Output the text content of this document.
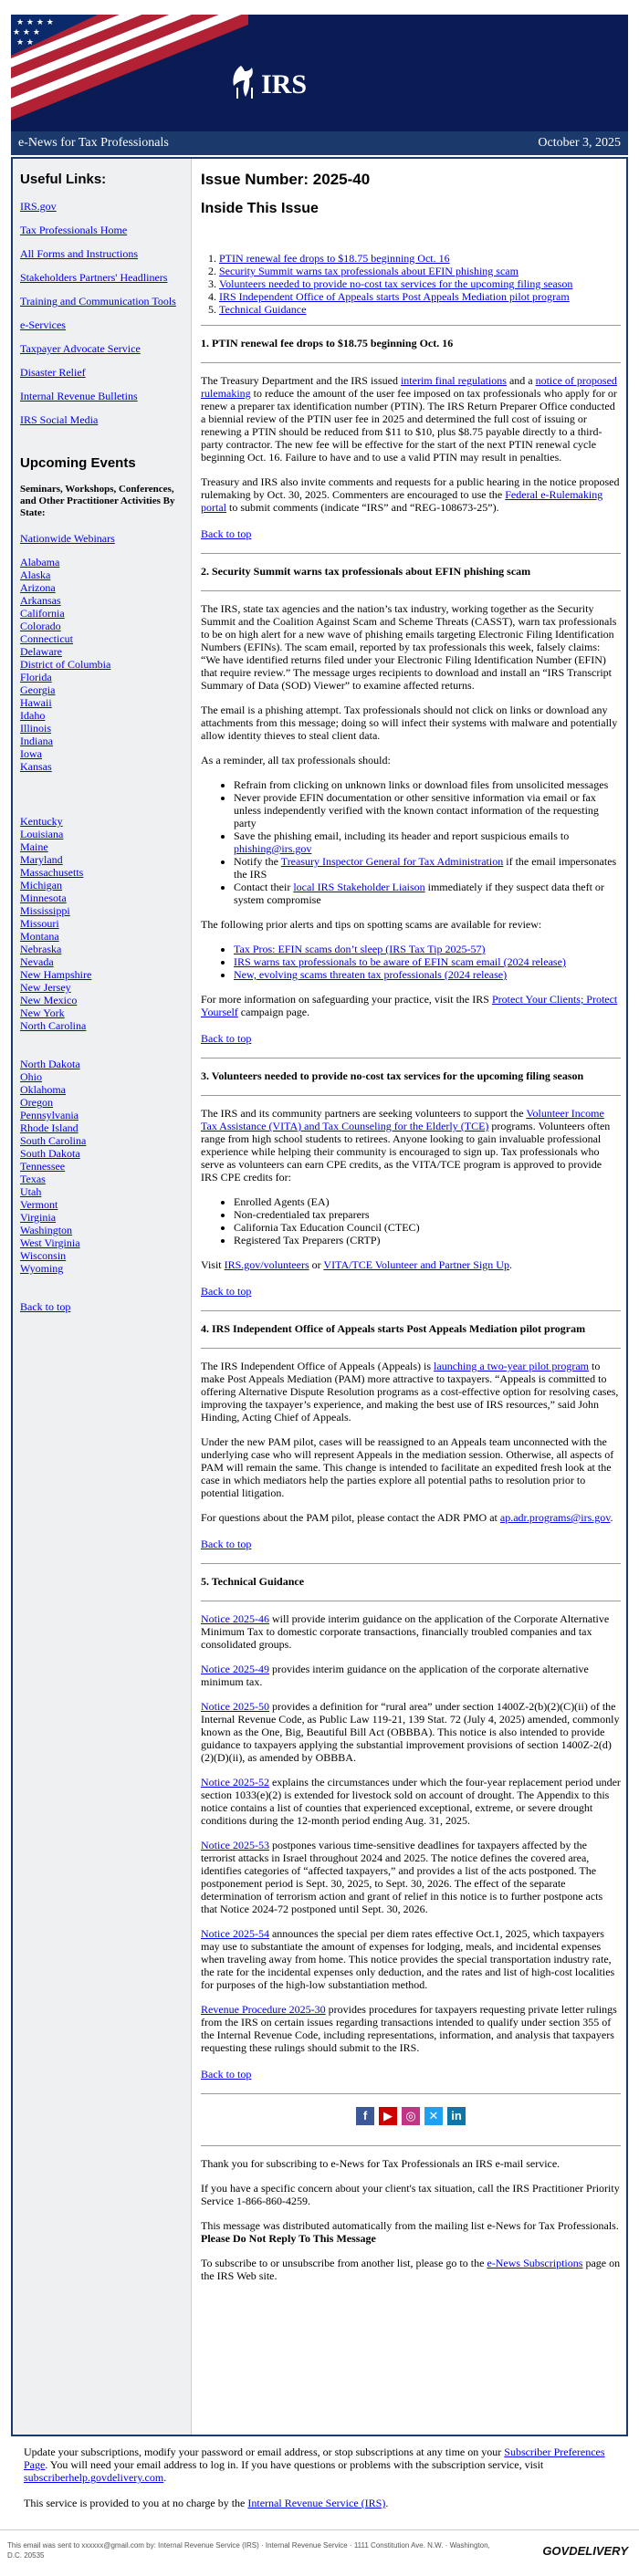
★ ★ ★ ★
★ ★ ★
★ ★
IRS
e-News for Tax Professionals	October 3, 2025
Useful Links:
IRS.gov
Tax Professionals Home
All Forms and Instructions
Stakeholders Partners' Headliners
Training and Communication Tools
e-Services
Taxpayer Advocate Service
Disaster Relief
Internal Revenue Bulletins
IRS Social Media
Upcoming Events
Seminars, Workshops, Conferences, and Other Practitioner Activities By State:
Nationwide Webinars
Alabama
Alaska
Arizona
Arkansas
California
Colorado
Connecticut
Delaware
District of Columbia
Florida
Georgia
Hawaii
Idaho
Illinois
Indiana
Iowa
Kansas
Kentucky
Louisiana
Maine
Maryland
Massachusetts
Michigan
Minnesota
Mississippi
Missouri
Montana
Nebraska
Nevada
New Hampshire
New Jersey
New Mexico
New York
North Carolina
North Dakota
Ohio
Oklahoma
Oregon
Pennsylvania
Rhode Island
South Carolina
South Dakota
Tennessee
Texas
Utah
Vermont
Virginia
Washington
West Virginia
Wisconsin
Wyoming
Back to top
Issue Number: 2025-40
Inside This Issue
1. PTIN renewal fee drops to $18.75 beginning Oct. 16
2. Security Summit warns tax professionals about EFIN phishing scam
3. Volunteers needed to provide no-cost tax services for the upcoming filing season
4. IRS Independent Office of Appeals starts Post Appeals Mediation pilot program
5. Technical Guidance
1. PTIN renewal fee drops to $18.75 beginning Oct. 16

The Treasury Department and the IRS issued interim final regulations and a notice of proposed rulemaking to reduce the amount of the user fee imposed on tax professionals who apply for or renew a preparer tax identification number (PTIN). The IRS Return Preparer Office conducted a biennial review of the PTIN user fee in 2025 and determined the full cost of issuing or renewing a PTIN should be reduced from $11 to $10, plus $8.75 payable directly to a third-party contractor. The new fee will be effective for the start of the next PTIN renewal cycle beginning Oct. 16. Failure to have and to use a valid PTIN may result in penalties.

Treasury and IRS also invite comments and requests for a public hearing in the notice proposed rulemaking by Oct. 30, 2025. Commenters are encouraged to use the Federal e-Rulemaking portal to submit comments (indicate “IRS” and “REG-108673-25”).

Back to top
2. Security Summit warns tax professionals about EFIN phishing scam

The IRS, state tax agencies and the nation’s tax industry, working together as the Security Summit and the Coalition Against Scam and Scheme Threats (CASST), warn tax professionals to be on high alert for a new wave of phishing emails targeting Electronic Filing Identification Numbers (EFINs). The scam email, reported by tax professionals this week, falsely claims: “We have identified returns filed under your Electronic Filing Identification Number (EFIN) that require review.” The message urges recipients to download and install an “IRS Transcript Summary of Data (SOD) Viewer” to examine affected returns.

The email is a phishing attempt. Tax professionals should not click on links or download any attachments from this message; doing so will infect their systems with malware and potentially allow identity thieves to steal client data.

As a reminder, all tax professionals should:

• Refrain from clicking on unknown links or download files from unsolicited messages
• Never provide EFIN documentation or other sensitive information via email or fax unless independently verified with the known contact information of the requesting party
• Save the phishing email, including its header and report suspicious emails to phishing@irs.gov
• Notify the Treasury Inspector General for Tax Administration if the email impersonates the IRS
• Contact their local IRS Stakeholder Liaison immediately if they suspect data theft or system compromise

The following prior alerts and tips on spotting scams are available for review:

• Tax Pros: EFIN scams don’t sleep (IRS Tax Tip 2025-57)
• IRS warns tax professionals to be aware of EFIN scam email (2024 release)
• New, evolving scams threaten tax professionals (2024 release)

For more information on safeguarding your practice, visit the IRS Protect Your Clients; Protect Yourself campaign page.

Back to top
3. Volunteers needed to provide no-cost tax services for the upcoming filing season

The IRS and its community partners are seeking volunteers to support the Volunteer Income Tax Assistance (VITA) and Tax Counseling for the Elderly (TCE) programs. Volunteers often range from high school students to retirees. Anyone looking to gain invaluable professional experience while helping their community is encouraged to sign up. Tax professionals who serve as volunteers can earn CPE credits, as the VITA/TCE program is approved to provide IRS CPE credits for:

• Enrolled Agents (EA)
• Non-credentialed tax preparers
• California Tax Education Council (CTEC)
• Registered Tax Preparers (CRTP)

Visit IRS.gov/volunteers or VITA/TCE Volunteer and Partner Sign Up.

Back to top
4. IRS Independent Office of Appeals starts Post Appeals Mediation pilot program

The IRS Independent Office of Appeals (Appeals) is launching a two-year pilot program to make Post Appeals Mediation (PAM) more attractive to taxpayers. “Appeals is committed to offering Alternative Dispute Resolution programs as a cost-effective option for resolving cases, improving the taxpayer’s experience, and making the best use of IRS resources,” said John Hinding, Acting Chief of Appeals.

Under the new PAM pilot, cases will be reassigned to an Appeals team unconnected with the underlying case who will represent Appeals in the mediation session. Otherwise, all aspects of PAM will remain the same. This change is intended to facilitate an expedited fresh look at the case in which mediators help the parties explore all potential paths to resolution prior to potential litigation.

For questions about the PAM pilot, please contact the ADR PMO at ap.adr.programs@irs.gov.

Back to top
5. Technical Guidance

Notice 2025-46 will provide interim guidance on the application of the Corporate Alternative Minimum Tax to domestic corporate transactions, financially troubled companies and tax consolidated groups.

Notice 2025-49 provides interim guidance on the application of the corporate alternative minimum tax.

Notice 2025-50 provides a definition for “rural area” under section 1400Z-2(b)(2)(C)(ii) of the Internal Revenue Code, as Public Law 119-21, 139 Stat. 72 (July 4, 2025) amended, commonly known as the One, Big, Beautiful Bill Act (OBBBA). This notice is also intended to provide guidance to taxpayers applying the substantial improvement provisions of section 1400Z-2(d)(2)(D)(ii), as amended by OBBBA.

Notice 2025-52 explains the circumstances under which the four-year replacement period under section 1033(e)(2) is extended for livestock sold on account of drought. The Appendix to this notice contains a list of counties that experienced exceptional, extreme, or severe drought conditions during the 12-month period ending Aug. 31, 2025.

Notice 2025-53 postpones various time-sensitive deadlines for taxpayers affected by the terrorist attacks in Israel throughout 2024 and 2025. The notice defines the covered area, identifies categories of “affected taxpayers,” and provides a list of the acts postponed. The postponement period is Sept. 30, 2025, to Sept. 30, 2026. The effect of the separate determination of terrorism action and grant of relief in this notice is to further postpone acts that Notice 2024-72 postponed until Sept. 30, 2026.

Notice 2025-54 announces the special per diem rates effective Oct.1, 2025, which taxpayers may use to substantiate the amount of expenses for lodging, meals, and incidental expenses when traveling away from home. This notice provides the special transportation industry rate, the rate for the incidental expenses only deduction, and the rates and list of high-cost localities for purposes of the high-low substantiation method.

Revenue Procedure 2025-30 provides procedures for taxpayers requesting private letter rulings from the IRS on certain issues regarding transactions intended to qualify under section 355 of the Internal Revenue Code, including representations, information, and analysis that taxpayers requesting these rulings should submit to the IRS.

Back to top
f ▶ ◎ ✕ in

Thank you for subscribing to e-News for Tax Professionals an IRS e-mail service.

If you have a specific concern about your client's tax situation, call the IRS Practitioner Priority Service 1-866-860-4259.

This message was distributed automatically from the mailing list e-News for Tax Professionals.
Please Do Not Reply To This Message

To subscribe to or unsubscribe from another list, please go to the e-News Subscriptions page on the IRS Web site.

Update your subscriptions, modify your password or email address, or stop subscriptions at any time on your Subscriber Preferences Page. You will need your email address to log in. If you have questions or problems with the subscription service, visit subscriberhelp.govdelivery.com.

This service is provided to you at no charge by the Internal Revenue Service (IRS).

This email was sent to xxxxxx@gmail.com by: Internal Revenue Service (IRS) · Internal Revenue Service · 1111 Constitution Ave. N.W. · Washington, D.C. 20535	GOVDELIVERY
